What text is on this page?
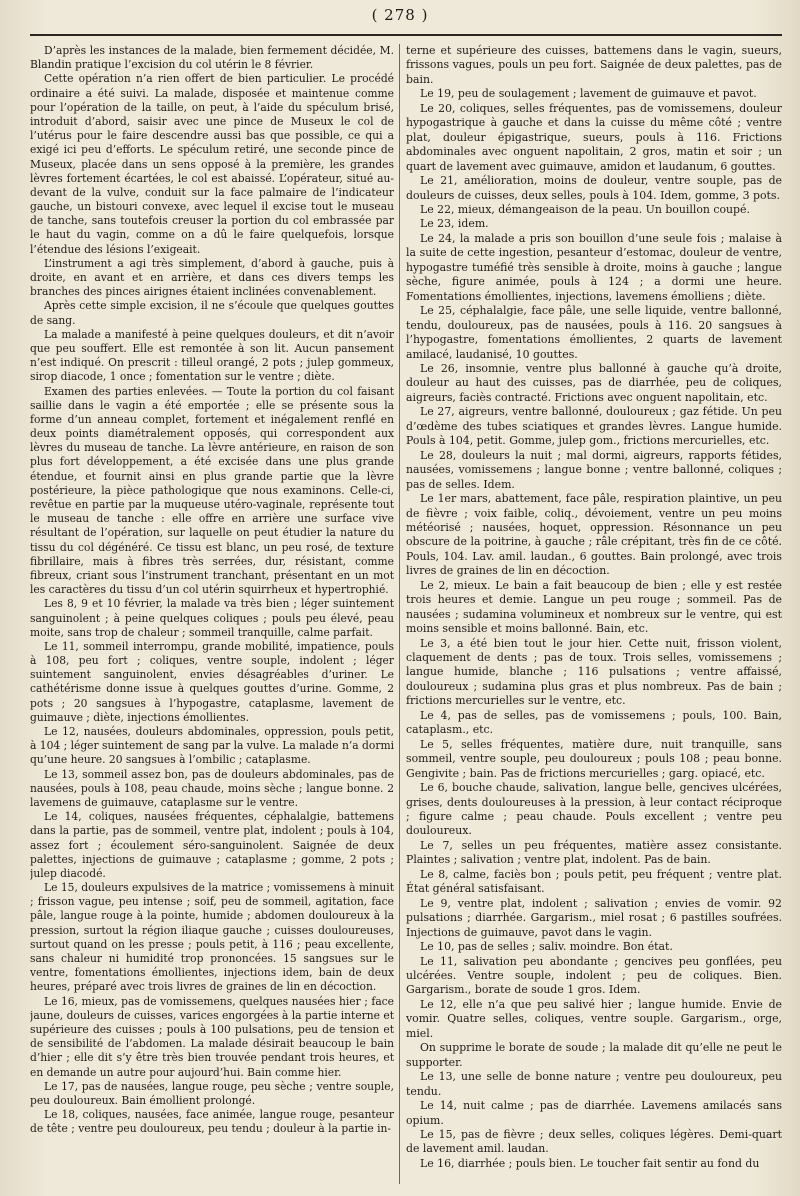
( 278 )

D’après les instances de la malade, bien fermement décidée, M. Blandin pratique l’excision du col utérin le 8 février.

Cette opération n’a rien offert de bien particulier. Le procédé ordinaire a été suivi. La malade, disposée et maintenue comme pour l’opération de la taille, on peut, à l’aide du spéculum brisé, introduit d’abord, saisir avec une pince de Museux le col de l’utérus pour le faire descendre aussi bas que possible, ce qui a exigé ici peu d’efforts. Le spéculum retiré, une seconde pince de Museux, placée dans un sens opposé à la première, les grandes lèvres fortement écartées, le col est abaissé. L’opérateur, situé au-devant de la vulve, conduit sur la face palmaire de l’indicateur gauche, un bistouri convexe, avec lequel il excise tout le museau de tanche, sans toutefois creuser la portion du col embrassée par le haut du vagin, comme on a dû le faire quelquefois, lorsque l’étendue des lésions l’exigeait.

L’instrument a agi très simplement, d’abord à gauche, puis à droite, en avant et en arrière, et dans ces divers temps les branches des pinces airignes étaient inclinées convenablement.

Après cette simple excision, il ne s’écoule que quelques gouttes de sang.

La malade a manifesté à peine quelques douleurs, et dit n’avoir que peu souffert. Elle est remontée à son lit. Aucun pansement n’est indiqué. On prescrit : tilleul orangé, 2 pots ; julep gommeux, sirop diacode, 1 once ; fomentation sur le ventre ; diète.

Examen des parties enlevées. — Toute la portion du col faisant saillie dans le vagin a été emportée ; elle se présente sous la forme d’un anneau complet, fortement et inégalement renflé en deux points diamétralement opposés, qui correspondent aux lèvres du museau de tanche. La lèvre antérieure, en raison de son plus fort développement, a été excisée dans une plus grande étendue, et fournit ainsi en plus grande partie que la lèvre postérieure, la pièce pathologique que nous examinons. Celle-ci, revêtue en partie par la muqueuse utéro-vaginale, représente tout le museau de tanche : elle offre en arrière une surface vive résultant de l’opération, sur laquelle on peut étudier la nature du tissu du col dégénéré. Ce tissu est blanc, un peu rosé, de texture fibrillaire, mais à fibres très serrées, dur, résistant, comme fibreux, criant sous l’instrument tranchant, présentant en un mot les caractères du tissu d’un col utérin squirrheux et hypertrophié.

Les 8, 9 et 10 février, la malade va très bien ; léger suintement sanguinolent ; à peine quelques coliques ; pouls peu élevé, peau moite, sans trop de chaleur ; sommeil tranquille, calme parfait.

Le 11, sommeil interrompu, grande mobilité, impatience, pouls à 108, peu fort ; coliques, ventre souple, indolent ; léger suintement sanguinolent, envies désagréables d’uriner. Le cathétérisme donne issue à quelques gouttes d’urine. Gomme, 2 pots ; 20 sangsues à l’hypogastre, cataplasme, lavement de guimauve ; diète, injections émollientes.

Le 12, nausées, douleurs abdominales, oppression, pouls petit, à 104 ; léger suintement de sang par la vulve. La malade n’a dormi qu’une heure. 20 sangsues à l’ombilic ; cataplasme.

Le 13, sommeil assez bon, pas de douleurs abdominales, pas de nausées, pouls à 108, peau chaude, moins sèche ; langue bonne. 2 lavemens de guimauve, cataplasme sur le ventre.

Le 14, coliques, nausées fréquentes, céphalalgie, battemens dans la partie, pas de sommeil, ventre plat, indolent ; pouls à 104, assez fort ; écoulement séro-sanguinolent. Saignée de deux palettes, injections de guimauve ; cataplasme ; gomme, 2 pots ; julep diacodé.

Le 15, douleurs expulsives de la matrice ; vomissemens à minuit ; frisson vague, peu intense ; soif, peu de sommeil, agitation, face pâle, langue rouge à la pointe, humide ; abdomen douloureux à la pression, surtout la région iliaque gauche ; cuisses douloureuses, surtout quand on les presse ; pouls petit, à 116 ; peau excellente, sans chaleur ni humidité trop prononcées. 15 sangsues sur le ventre, fomentations émollientes, injections idem, bain de deux heures, préparé avec trois livres de graines de lin en décoction.

Le 16, mieux, pas de vomissemens, quelques nausées hier ; face jaune, douleurs de cuisses, varices engorgées à la partie interne et supérieure des cuisses ; pouls à 100 pulsations, peu de tension et de sensibilité de l’abdomen. La malade désirait beaucoup le bain d’hier ; elle dit s’y être très bien trouvée pendant trois heures, et en demande un autre pour aujourd’hui. Bain comme hier.

Le 17, pas de nausées, langue rouge, peu sèche ; ventre souple, peu douloureux. Bain émollient prolongé.

Le 18, coliques, nausées, face animée, langue rouge, pesanteur de tête ; ventre peu douloureux, peu tendu ; douleur à la partie in-

terne et supérieure des cuisses, battemens dans le vagin, sueurs, frissons vagues, pouls un peu fort. Saignée de deux palettes, pas de bain.

Le 19, peu de soulagement ; lavement de guimauve et pavot.

Le 20, coliques, selles fréquentes, pas de vomissemens, douleur hypogastrique à gauche et dans la cuisse du même côté ; ventre plat, douleur épigastrique, sueurs, pouls à 116. Frictions abdominales avec onguent napolitain, 2 gros, matin et soir ; un quart de lavement avec guimauve, amidon et laudanum, 6 gouttes.

Le 21, amélioration, moins de douleur, ventre souple, pas de douleurs de cuisses, deux selles, pouls à 104. Idem, gomme, 3 pots.

Le 22, mieux, démangeaison de la peau. Un bouillon coupé.

Le 23, idem.

Le 24, la malade a pris son bouillon d’une seule fois ; malaise à la suite de cette ingestion, pesanteur d’estomac, douleur de ventre, hypogastre tuméfié très sensible à droite, moins à gauche ; langue sèche, figure animée, pouls à 124 ; a dormi une heure. Fomentations émollientes, injections, lavemens émolliens ; diète.

Le 25, céphalalgie, face pâle, une selle liquide, ventre ballonné, tendu, douloureux, pas de nausées, pouls à 116. 20 sangsues à l’hypogastre, fomentations émollientes, 2 quarts de lavement amilacé, laudanisé, 10 gouttes.

Le 26, insomnie, ventre plus ballonné à gauche qu’à droite, douleur au haut des cuisses, pas de diarrhée, peu de coliques, aigreurs, faciès contracté. Frictions avec onguent napolitain, etc.

Le 27, aigreurs, ventre ballonné, douloureux ; gaz fétide. Un peu d’œdème des tubes sciatiques et grandes lèvres. Langue humide. Pouls à 104, petit. Gomme, julep gom., frictions mercurielles, etc.

Le 28, douleurs la nuit ; mal dormi, aigreurs, rapports fétides, nausées, vomissemens ; langue bonne ; ventre ballonné, coliques ; pas de selles. Idem.

Le 1er mars, abattement, face pâle, respiration plaintive, un peu de fièvre ; voix faible, coliq., dévoiement, ventre un peu moins météorisé ; nausées, hoquet, oppression. Résonnance un peu obscure de la poitrine, à gauche ; râle crépitant, très fin de ce côté. Pouls, 104. Lav. amil. laudan., 6 gouttes. Bain prolongé, avec trois livres de graines de lin en décoction.

Le 2, mieux. Le bain a fait beaucoup de bien ; elle y est restée trois heures et demie. Langue un peu rouge ; sommeil. Pas de nausées ; sudamina volumineux et nombreux sur le ventre, qui est moins sensible et moins ballonné. Bain, etc.

Le 3, a été bien tout le jour hier. Cette nuit, frisson violent, claquement de dents ; pas de toux. Trois selles, vomissemens ; langue humide, blanche ; 116 pulsations ; ventre affaissé, douloureux ; sudamina plus gras et plus nombreux. Pas de bain ; frictions mercurielles sur le ventre, etc.

Le 4, pas de selles, pas de vomissemens ; pouls, 100. Bain, cataplasm., etc.

Le 5, selles fréquentes, matière dure, nuit tranquille, sans sommeil, ventre souple, peu douloureux ; pouls 108 ; peau bonne. Gengivite ; bain. Pas de frictions mercurielles ; garg. opiacé, etc.

Le 6, bouche chaude, salivation, langue belle, gencives ulcérées, grises, dents douloureuses à la pression, à leur contact réciproque ; figure calme ; peau chaude. Pouls excellent ; ventre peu douloureux.

Le 7, selles un peu fréquentes, matière assez consistante. Plaintes ; salivation ; ventre plat, indolent. Pas de bain.

Le 8, calme, faciès bon ; pouls petit, peu fréquent ; ventre plat. État général satisfaisant.

Le 9, ventre plat, indolent ; salivation ; envies de vomir. 92 pulsations ; diarrhée. Gargarism., miel rosat ; 6 pastilles soufrées. Injections de guimauve, pavot dans le vagin.

Le 10, pas de selles ; saliv. moindre. Bon état.

Le 11, salivation peu abondante ; gencives peu gonflées, peu ulcérées. Ventre souple, indolent ; peu de coliques. Bien. Gargarism., borate de soude 1 gros. Idem.

Le 12, elle n’a que peu salivé hier ; langue humide. Envie de vomir. Quatre selles, coliques, ventre souple. Gargarism., orge, miel.

On supprime le borate de soude ; la malade dit qu’elle ne peut le supporter.

Le 13, une selle de bonne nature ; ventre peu douloureux, peu tendu.

Le 14, nuit calme ; pas de diarrhée. Lavemens amilacés sans opium.

Le 15, pas de fièvre ; deux selles, coliques légères. Demi-quart de lavement amil. laudan.

Le 16, diarrhée ; pouls bien. Le toucher fait sentir au fond du
